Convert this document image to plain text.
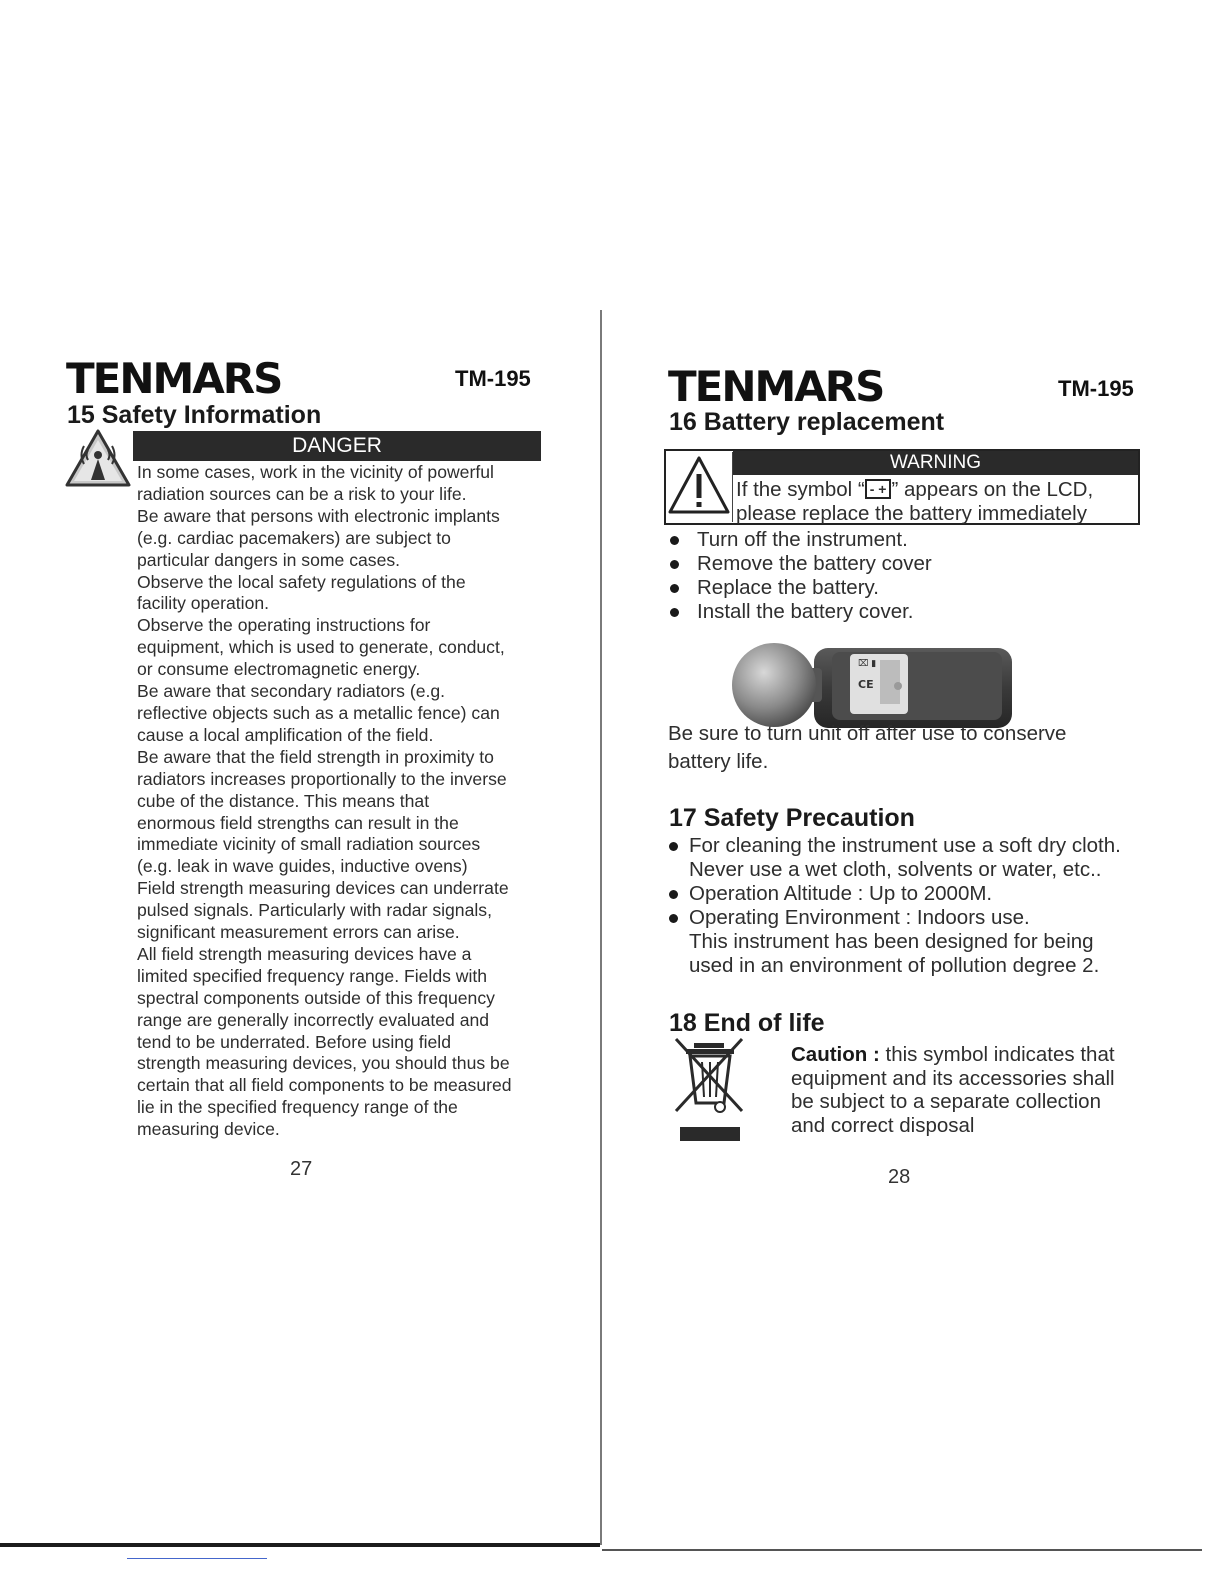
TENMARS	TM-195
15 Safety Information
DANGER
In some cases, work in the vicinity of powerful
radiation sources can be a risk to your life.
Be aware that persons with electronic implants
(e.g. cardiac pacemakers) are subject to
particular dangers in some cases.
Observe the local safety regulations of the
facility operation.
Observe the operating instructions for
equipment, which is used to generate, conduct,
or consume electromagnetic energy.
Be aware that secondary radiators (e.g.
reflective objects such as a metallic fence) can
cause a local amplification of the field.
Be aware that the field strength in proximity to
radiators increases proportionally to the inverse
cube of the distance. This means that
enormous field strengths can result in the
immediate vicinity of small radiation sources
(e.g. leak in wave guides, inductive ovens)
Field strength measuring devices can underrate
pulsed signals. Particularly with radar signals,
significant measurement errors can arise.
All field strength measuring devices have a
limited specified frequency range. Fields with
spectral components outside of this frequency
range are generally incorrectly evaluated and
tend to be underrated. Before using field
strength measuring devices, you should thus be
certain that all field components to be measured
lie in the specified frequency range of the
measuring device.
27
TENMARS	TM-195
16 Battery replacement
WARNING
If the symbol “ - + ” appears on the LCD,
please replace the battery immediately
Turn off the instrument.
Remove the battery cover
Replace the battery.
Install the battery cover.
⌧ ▮
CE
Be sure to turn unit off after use to conserve
battery life.
17 Safety Precaution
For cleaning the instrument use a soft dry cloth.
Never use a wet cloth, solvents or water, etc..
Operation Altitude : Up to 2000M.
Operating Environment : Indoors use.
This instrument has been designed for being
used in an environment of pollution degree 2.
18 End of life
Caution : this symbol indicates that
equipment and its accessories shall
be subject to a separate collection
and correct disposal
28
